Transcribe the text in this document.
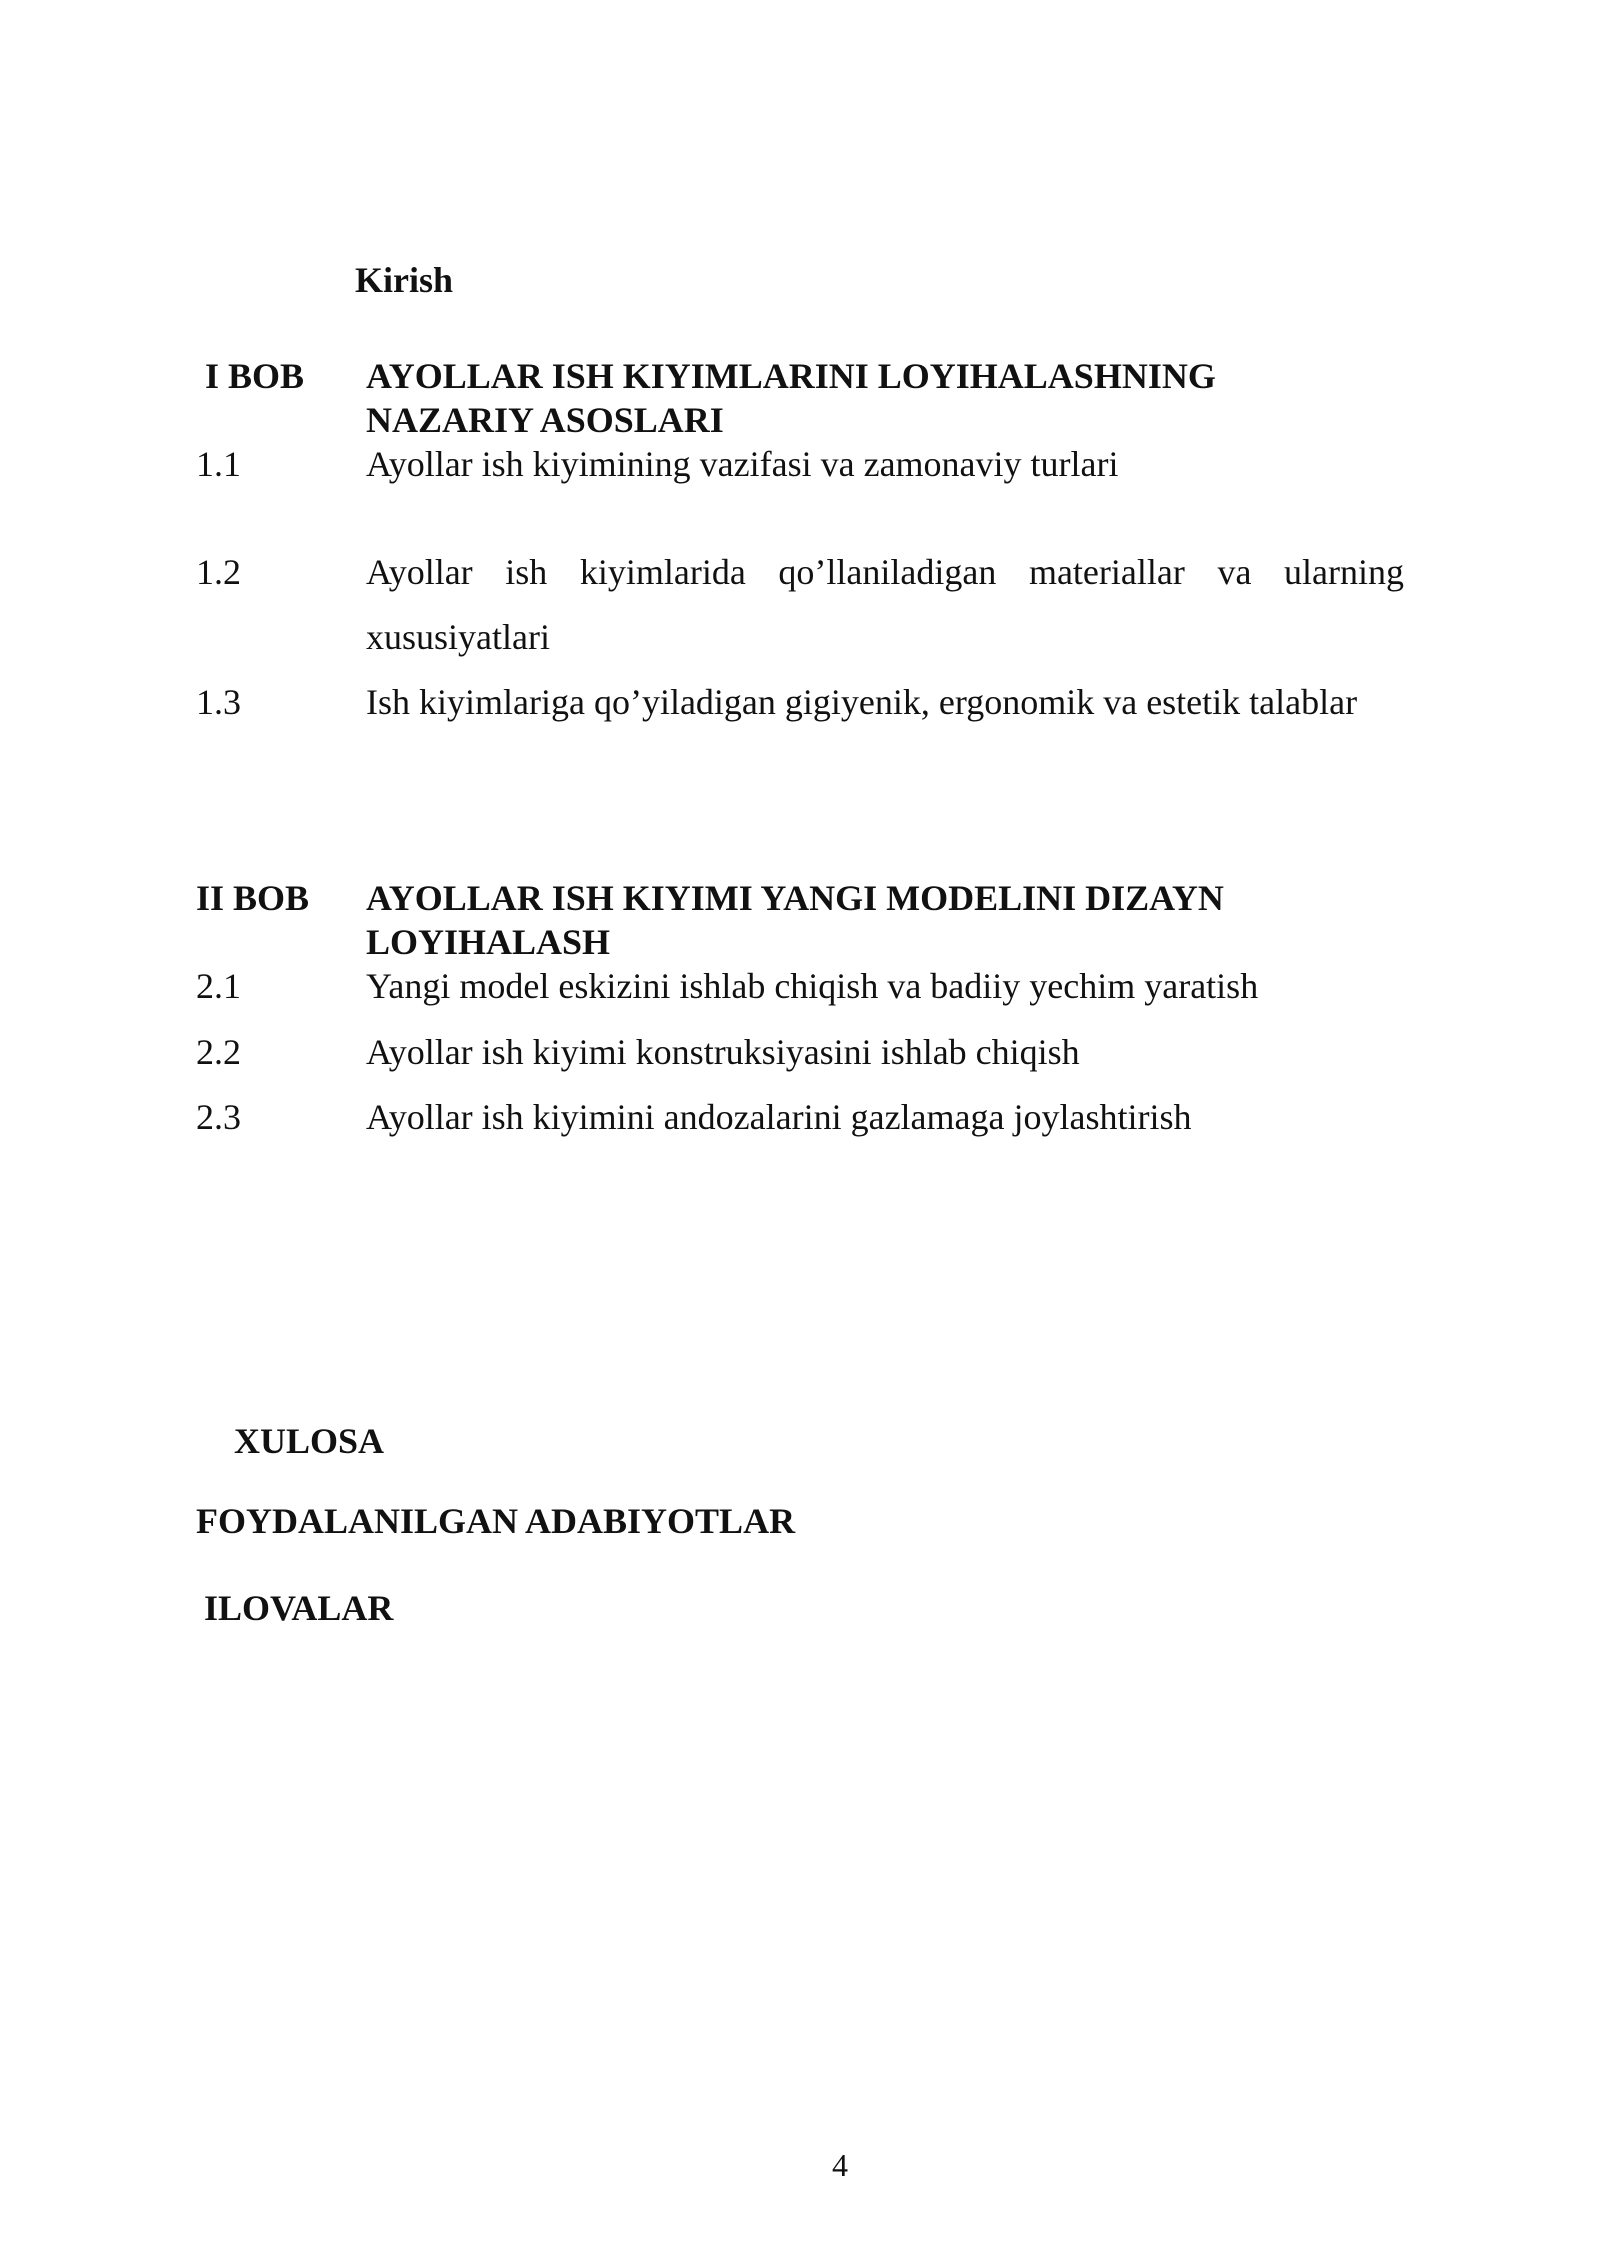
Kirish
I BOB AYOLLAR ISH KIYIMLARINI LOYIHALASHNING
NAZARIY ASOSLARI
1.1	Ayollar ish kiyimining vazifasi va zamonaviy turlari
1.2	Ayollar ish kiyimlarida qo’llaniladigan materiallar va ularning xususiyatlari
1.3	Ish kiyimlariga qo’yiladigan gigiyenik, ergonomik va estetik talablar
II BOB AYOLLAR ISH KIYIMI YANGI MODELINI DIZAYN
LOYIHALASH
2.1	Yangi model eskizini ishlab chiqish va badiiy yechim yaratish
2.2	Ayollar ish kiyimi konstruksiyasini ishlab chiqish
2.3	Ayollar ish kiyimini andozalarini gazlamaga joylashtirish
XULOSA
FOYDALANILGAN ADABIYOTLAR
ILOVALAR
4
